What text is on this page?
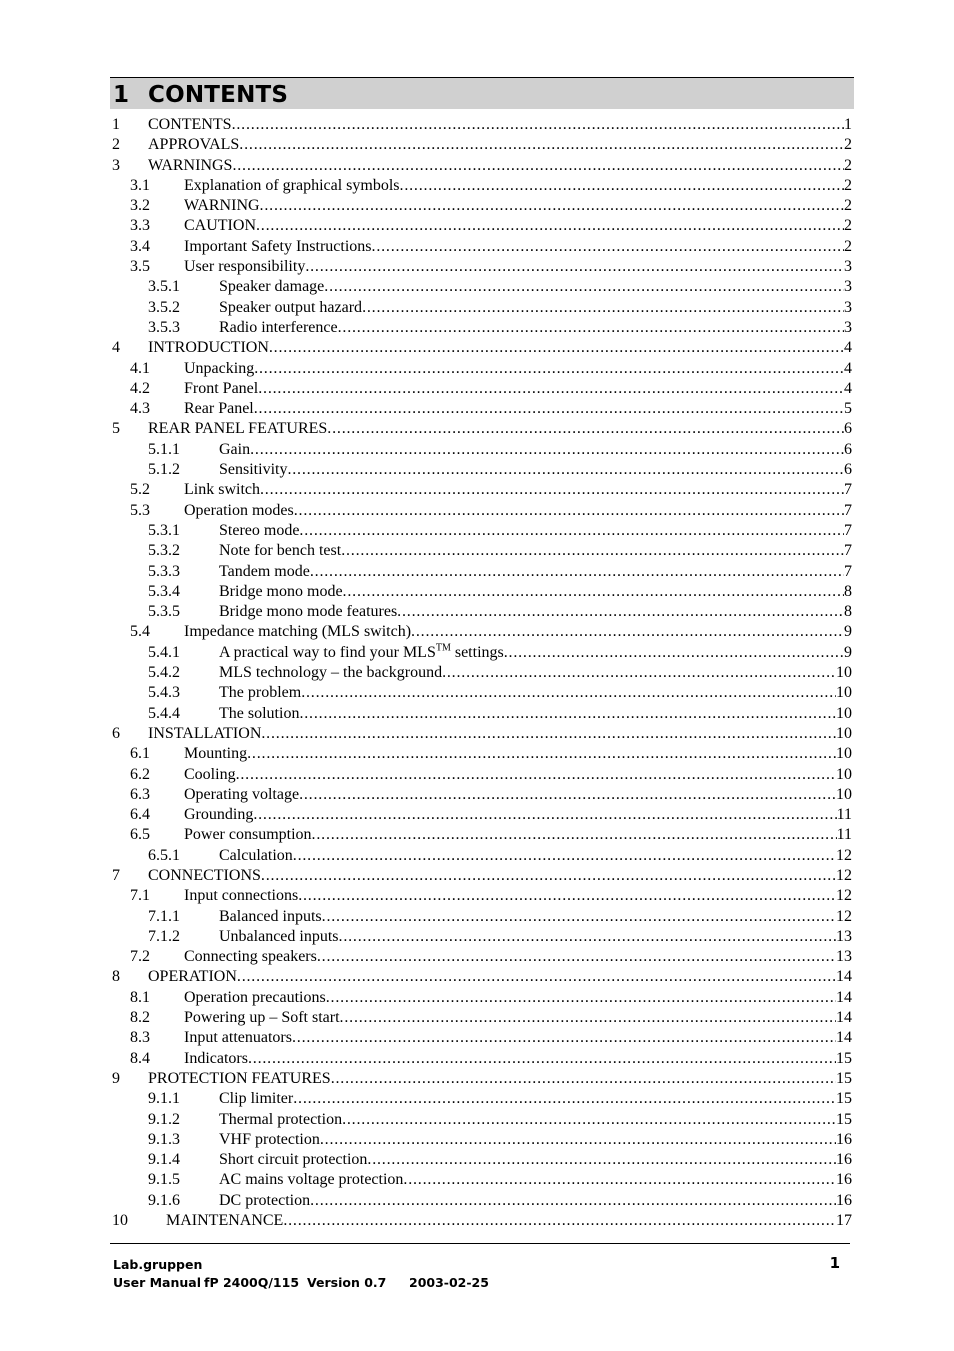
1 CONTENTS
1 CONTENTS . . .	1
2 APPROVALS . . .	2
3 WARNINGS . . .	2
3.1 Explanation of graphical symbols . . .	2
3.2 WARNING . . .	2
3.3 CAUTION . . .	2
3.4 Important Safety Instructions . . .	2
3.5 User responsibility . . .	3
3.5.1 Speaker damage . . .	3
3.5.2 Speaker output hazard . . .	3
3.5.3 Radio interference . . .	3
4 INTRODUCTION . . .	4
4.1 Unpacking . . .	4
4.2 Front Panel . . .	4
4.3 Rear Panel . . .	5
5 REAR PANEL FEATURES . . .	6
5.1.1 Gain . . .	6
5.1.2 Sensitivity . . .	6
5.2 Link switch . . .	7
5.3 Operation modes . . .	7
5.3.1 Stereo mode . . .	7
5.3.2 Note for bench test . . .	7
5.3.3 Tandem mode . . .	7
5.3.4 Bridge mono mode . . .	8
5.3.5 Bridge mono mode features . . .	8
5.4 Impedance matching (MLS switch) . . .	9
5.4.1 A practical way to find your MLS™ settings . . .	9
5.4.2 MLS technology – the background . . .	10
5.4.3 The problem . . .	10
5.4.4 The solution . . .	10
6 INSTALLATION . . .	10
6.1 Mounting . . .	10
6.2 Cooling . . .	10
6.3 Operating voltage . . .	10
6.4 Grounding . . .	11
6.5 Power consumption . . .	11
6.5.1 Calculation . . .	12
7 CONNECTIONS . . .	12
7.1 Input connections . . .	12
7.1.1 Balanced inputs . . .	12
7.1.2 Unbalanced inputs . . .	13
7.2 Connecting speakers . . .	13
8 OPERATION . . .	14
8.1 Operation precautions . . .	14
8.2 Powering up – Soft start . . .	14
8.3 Input attenuators . . .	14
8.4 Indicators . . .	15
9 PROTECTION FEATURES . . .	15
9.1.1 Clip limiter . . .	15
9.1.2 Thermal protection . . .	15
9.1.3 VHF protection . . .	16
9.1.4 Short circuit protection . . .	16
9.1.5 AC mains voltage protection . . .	16
9.1.6 DC protection . . .	16
10 MAINTENANCE . . .	17
Lab.gruppen	1
User Manual fP 2400Q/115 Version 0.7 2003-02-25
